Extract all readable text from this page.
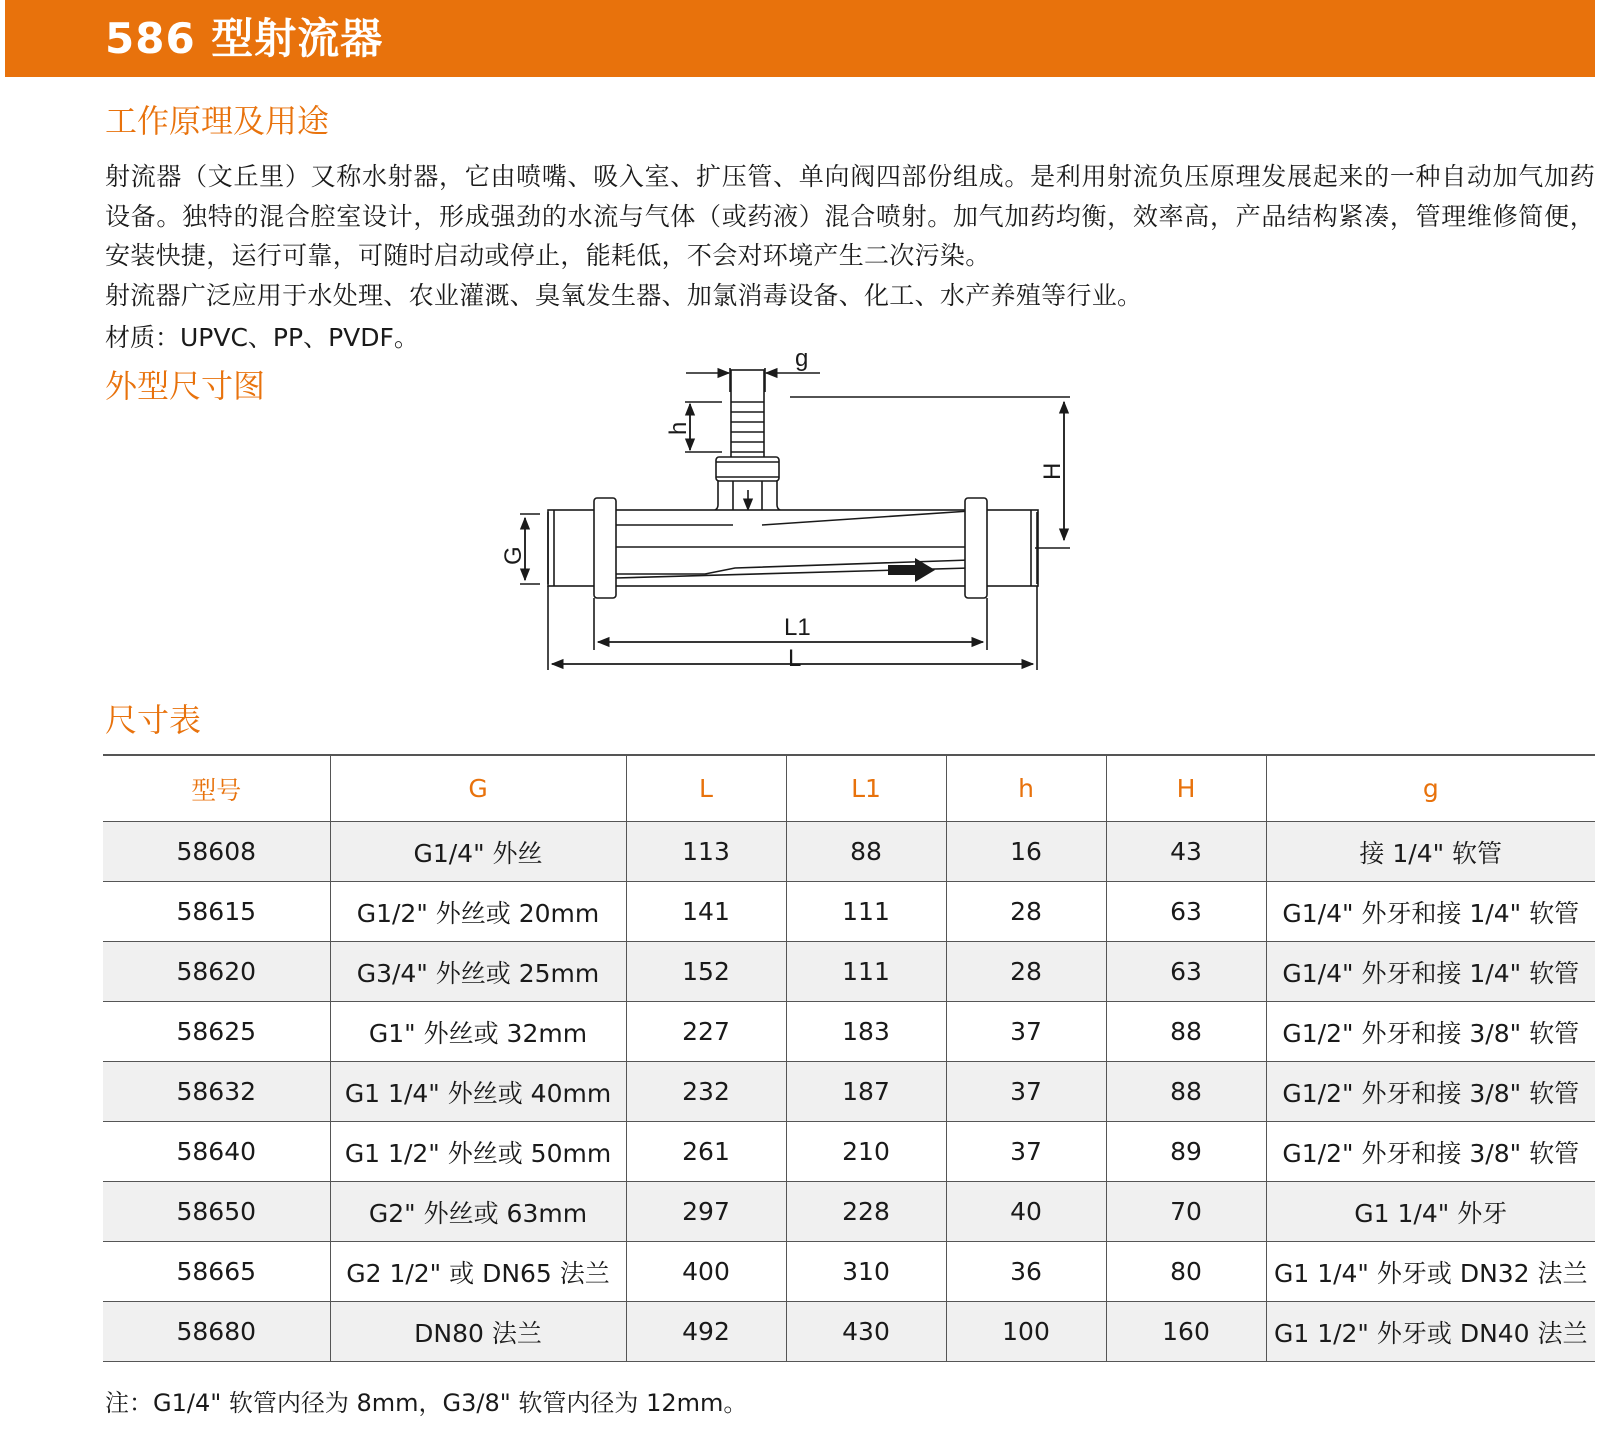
586 型射流器
工作原理及用途

射流器（文丘里）又称水射器，它由喷嘴、吸入室、扩压管、单向阀四部份组成。是利用射流负压原理发展起来的一种自动加气加药设备。独特的混合腔室设计，形成强劲的水流与气体（或药液）混合喷射。加气加药均衡，效率高，产品结构紧凑，管理维修简便，安装快捷，运行可靠，可随时启动或停止，能耗低，不会对环境产生二次污染。

射流器广泛应用于水处理、农业灌溉、臭氧发生器、加氯消毒设备、化工、水产养殖等行业。

材质：UPVC、PP、PVDF。
外型尺寸图
g
h
H
G
L1
L
尺寸表
型号	G	L	L1	h	H	g
58608	G1/4" 外丝	113	88	16	43	接 1/4" 软管
58615	G1/2" 外丝或 20mm	141	111	28	63	G1/4" 外牙和接 1/4" 软管
58620	G3/4" 外丝或 25mm	152	111	28	63	G1/4" 外牙和接 1/4" 软管
58625	G1" 外丝或 32mm	227	183	37	88	G1/2" 外牙和接 3/8" 软管
58632	G1 1/4" 外丝或 40mm	232	187	37	88	G1/2" 外牙和接 3/8" 软管
58640	G1 1/2" 外丝或 50mm	261	210	37	89	G1/2" 外牙和接 3/8" 软管
58650	G2" 外丝或 63mm	297	228	40	70	G1 1/4" 外牙
58665	G2 1/2" 或 DN65 法兰	400	310	36	80	G1 1/4" 外牙或 DN32 法兰
58680	DN80 法兰	492	430	100	160	G1 1/2" 外牙或 DN40 法兰
注：G1/4" 软管内径为 8mm，G3/8" 软管内径为 12mm。
